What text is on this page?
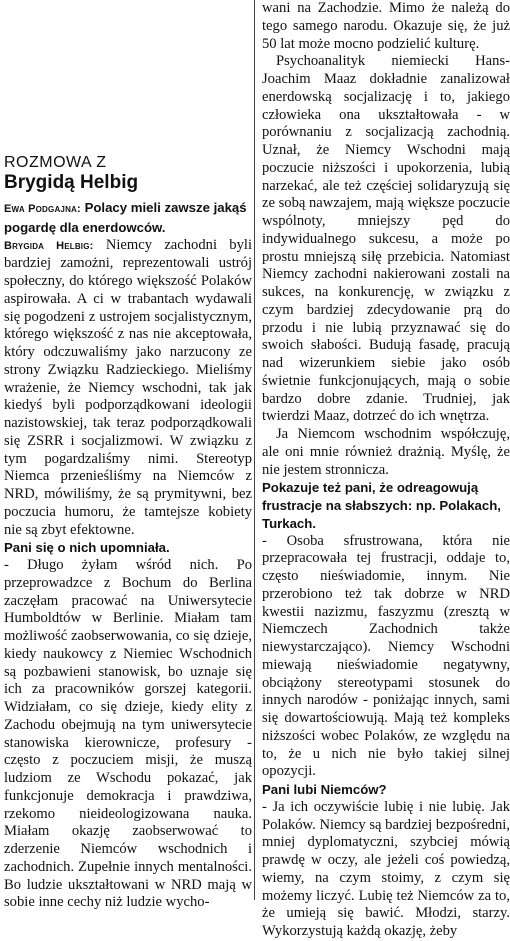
ROZMOWA Z
Brygidą Helbig

Ewa Podgajna: Polacy mieli zawsze jakąś pogardę dla enerdowców.

Brygida Helbig: Niemcy zachodni byli bardziej zamożni, reprezentowali ustrój społeczny, do którego większość Polaków aspirowała. A ci w trabantach wydawali się pogodzeni z ustrojem socjalistycznym, którego większość z nas nie akceptowała, który odczuwaliśmy jako narzucony ze strony Związku Radzieckiego. Mieliśmy wrażenie, że Niemcy wschodni, tak jak kiedyś byli podporządkowani ideologii nazistowskiej, tak teraz podporządkowali się ZSRR i socjalizmowi. W związku z tym pogardzaliśmy nimi. Stereotyp Niemca przenieśliśmy na Niemców z NRD, mówiliśmy, że są prymitywni, bez poczucia humoru, że tamtejsze kobiety nie są zbyt efektowne.

Pani się o nich upomniała.

- Długo żyłam wśród nich. Po przeprowadzce z Bochum do Berlina zaczęłam pracować na Uniwersytecie Humboldtów w Berlinie. Miałam tam możliwość zaobserwowania, co się dzieje, kiedy naukowcy z Niemiec Wschodnich są pozbawieni stanowisk, bo uznaje się ich za pracowników gorszej kategorii. Widziałam, co się dzieje, kiedy elity z Zachodu obejmują na tym uniwersytecie stanowiska kierownicze, profesury - często z poczuciem misji, że muszą ludziom ze Wschodu pokazać, jak funkcjonuje demokracja i prawdziwa, rzekomo nieideologizowana nauka. Miałam okazję zaobserwować to zderzenie Niemców wschodnich i zachodnich. Zupełnie innych mentalności. Bo ludzie ukształtowani w NRD mają w sobie inne cechy niż ludzie wycho-

wani na Zachodzie. Mimo że należą do tego samego narodu. Okazuje się, że już 50 lat może mocno podzielić kulturę.

Psychoanalityk niemiecki Hans-Joachim Maaz dokładnie zanalizował enerdowską socjalizację i to, jakiego człowieka ona ukształtowała - w porównaniu z socjalizacją zachodnią. Uznał, że Niemcy Wschodni mają poczucie niższości i upokorzenia, lubią narzekać, ale też częściej solidaryzują się ze sobą nawzajem, mają większe poczucie wspólnoty, mniejszy pęd do indywidualnego sukcesu, a może po prostu mniejszą siłę przebicia. Natomiast Niemcy zachodni nakierowani zostali na sukces, na konkurencję, w związku z czym bardziej zdecydowanie prą do przodu i nie lubią przyznawać się do swoich słabości. Budują fasadę, pracują nad wizerunkiem siebie jako osób świetnie funkcjonujących, mają o sobie bardzo dobre zdanie. Trudniej, jak twierdzi Maaz, dotrzeć do ich wnętrza.

Ja Niemcom wschodnim współczuję, ale oni mnie również drażnią. Myślę, że nie jestem stronnicza.

Pokazuje też pani, że odreagowują frustracje na słabszych: np. Polakach, Turkach.

- Osoba sfrustrowana, która nie przepracowała tej frustracji, oddaje to, często nieświadomie, innym. Nie przerobiono też tak dobrze w NRD kwestii nazizmu, faszyzmu (zresztą w Niemczech Zachodnich także niewystarczająco). Niemcy Wschodni miewają nieświadomie negatywny, obciążony stereotypami stosunek do innych narodów - poniżając innych, sami się dowartościowują. Mają też kompleks niższości wobec Polaków, ze względu na to, że u nich nie było takiej silnej opozycji.

Pani lubi Niemców?

- Ja ich oczywiście lubię i nie lubię. Jak Polaków. Niemcy są bardziej bezpośredni, mniej dyplomatyczni, szybciej mówią prawdę w oczy, ale jeżeli coś powiedzą, wiemy, na czym stoimy, z czym się możemy liczyć. Lubię też Niemców za to, że umieją się bawić. Młodzi, starzy. Wykorzystują każdą okazję, żeby
